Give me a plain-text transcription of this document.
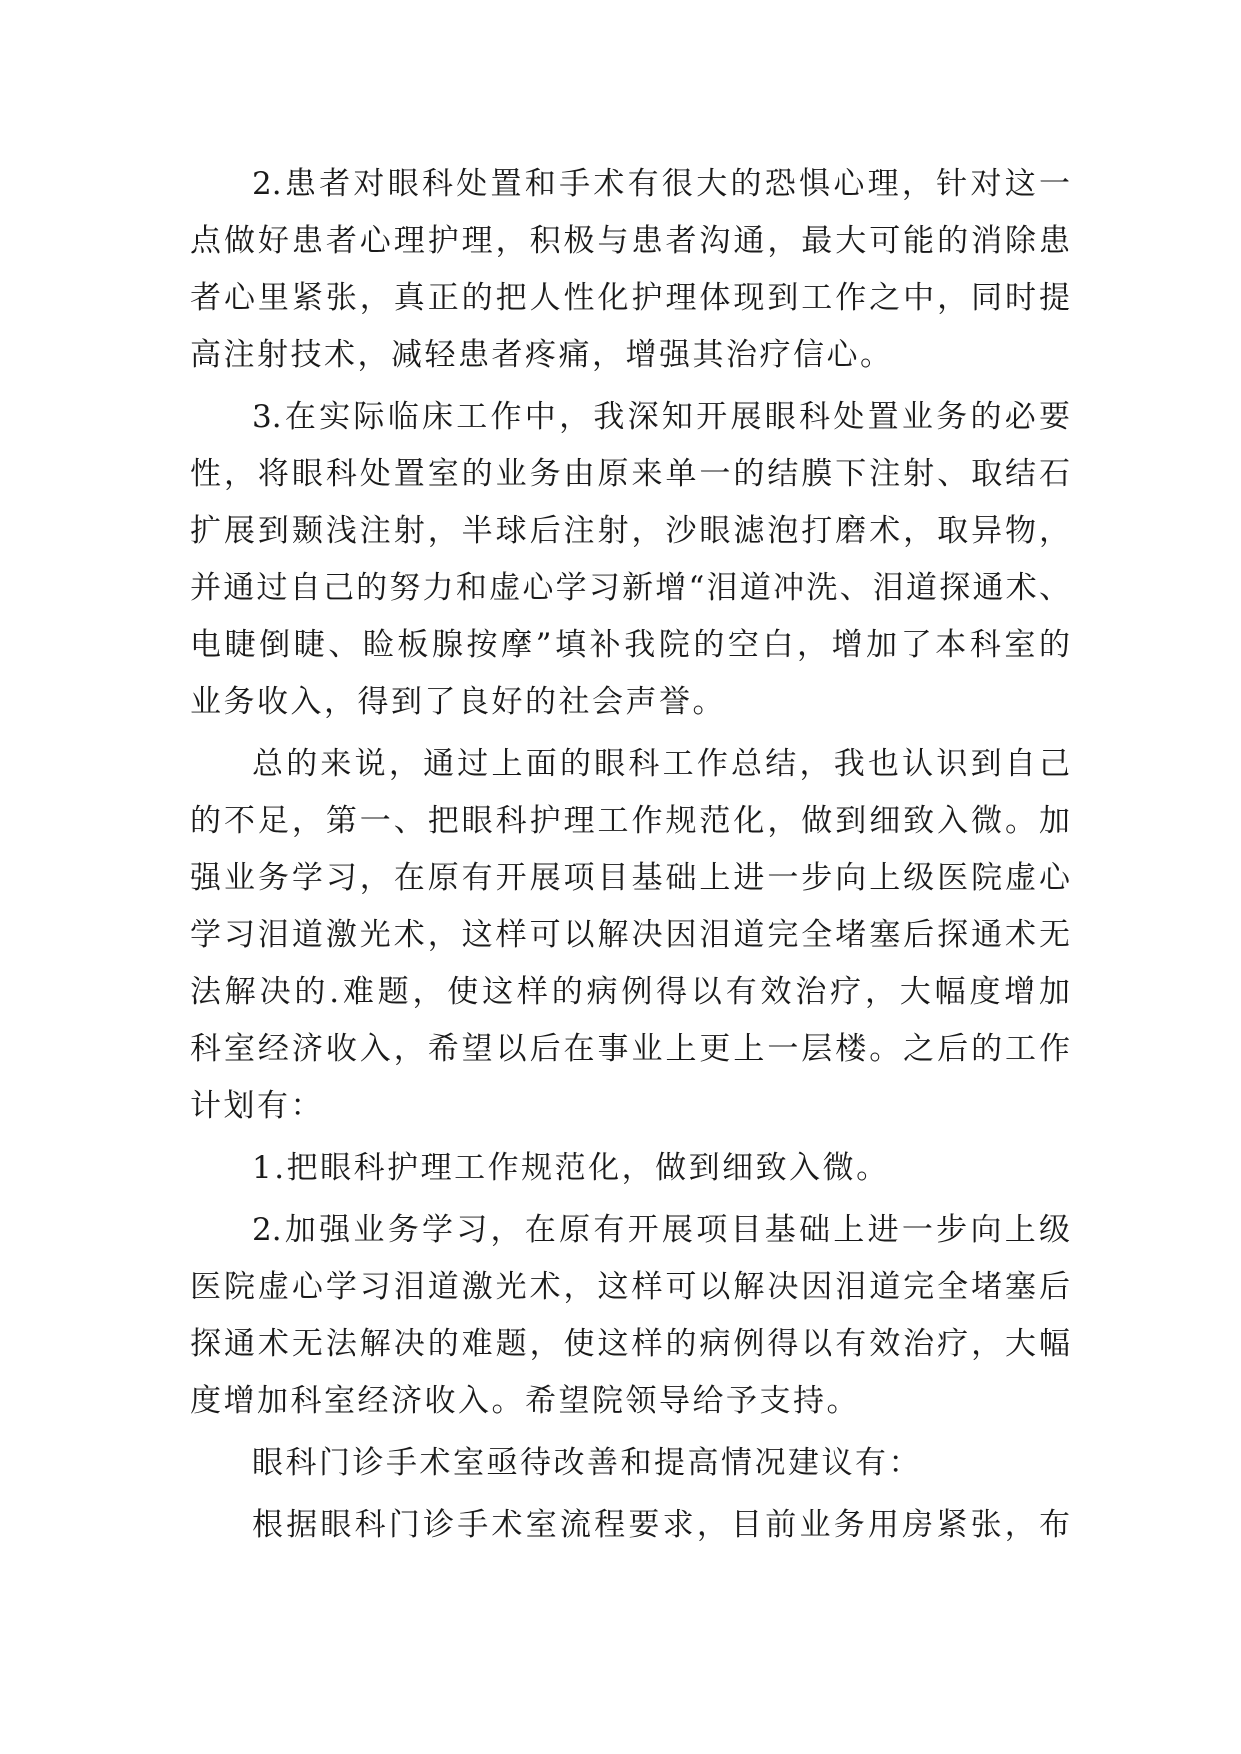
2.患者对眼科处置和手术有很大的恐惧心理，针对这一
点做好患者心理护理，积极与患者沟通，最大可能的消除患
者心里紧张，真正的把人性化护理体现到工作之中，同时提
高注射技术，减轻患者疼痛，增强其治疗信心。
3.在实际临床工作中，我深知开展眼科处置业务的必要
性，将眼科处置室的业务由原来单一的结膜下注射、取结石
扩展到颞浅注射，半球后注射，沙眼滤泡打磨术，取异物，
并通过自己的努力和虚心学习新增“泪道冲洗、泪道探通术、
电睫倒睫、睑板腺按摩”填补我院的空白，增加了本科室的
业务收入，得到了良好的社会声誉。
总的来说，通过上面的眼科工作总结，我也认识到自己
的不足，第一、把眼科护理工作规范化，做到细致入微。加
强业务学习，在原有开展项目基础上进一步向上级医院虚心
学习泪道激光术，这样可以解决因泪道完全堵塞后探通术无
法解决的.难题，使这样的病例得以有效治疗，大幅度增加
科室经济收入，希望以后在事业上更上一层楼。之后的工作
计划有：
1.把眼科护理工作规范化，做到细致入微。
2.加强业务学习，在原有开展项目基础上进一步向上级
医院虚心学习泪道激光术，这样可以解决因泪道完全堵塞后
探通术无法解决的难题，使这样的病例得以有效治疗，大幅
度增加科室经济收入。希望院领导给予支持。
眼科门诊手术室亟待改善和提高情况建议有：
根据眼科门诊手术室流程要求，目前业务用房紧张，布
